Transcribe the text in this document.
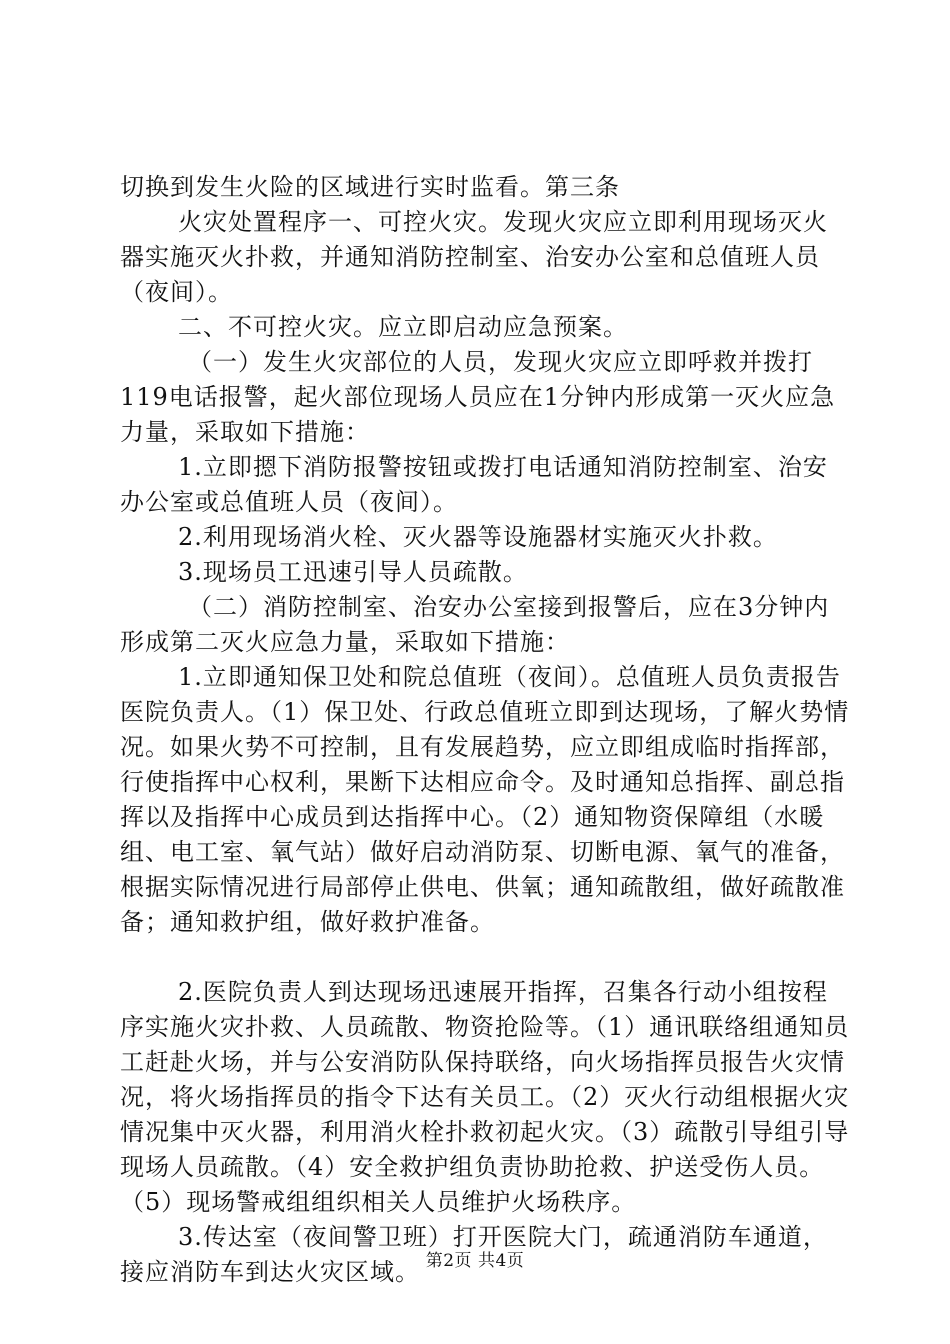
切换到发生火险的区域进行实时监看。第三条

火灾处置程序一、可控火灾。发现火灾应立即利用现场灭火器实施灭火扑救，并通知消防控制室、治安办公室和总值班人员（夜间）。

二、不可控火灾。应立即启动应急预案。

（一）发生火灾部位的人员，发现火灾应立即呼救并拨打119电话报警，起火部位现场人员应在1分钟内形成第一灭火应急力量，采取如下措施：

1.立即摁下消防报警按钮或拨打电话通知消防控制室、治安办公室或总值班人员（夜间）。

2.利用现场消火栓、灭火器等设施器材实施灭火扑救。

3.现场员工迅速引导人员疏散。

（二）消防控制室、治安办公室接到报警后，应在3分钟内形成第二灭火应急力量，采取如下措施：

1.立即通知保卫处和院总值班（夜间）。总值班人员负责报告医院负责人。（1）保卫处、行政总值班立即到达现场，了解火势情况。如果火势不可控制，且有发展趋势，应立即组成临时指挥部，行使指挥中心权利，果断下达相应命令。及时通知总指挥、副总指挥以及指挥中心成员到达指挥中心。（2）通知物资保障组（水暖组、电工室、氧气站）做好启动消防泵、切断电源、氧气的准备，根据实际情况进行局部停止供电、供氧；通知疏散组，做好疏散准备；通知救护组，做好救护准备。

2.医院负责人到达现场迅速展开指挥，召集各行动小组按程序实施火灾扑救、人员疏散、物资抢险等。（1）通讯联络组通知员工赶赴火场，并与公安消防队保持联络，向火场指挥员报告火灾情况，将火场指挥员的指令下达有关员工。（2）灭火行动组根据火灾情况集中灭火器，利用消火栓扑救初起火灾。（3）疏散引导组引导现场人员疏散。（4）安全救护组负责协助抢救、护送受伤人员。（5）现场警戒组组织相关人员维护火场秩序。

3.传达室（夜间警卫班）打开医院大门，疏通消防车通道，接应消防车到达火灾区域。 第2页 共4页
